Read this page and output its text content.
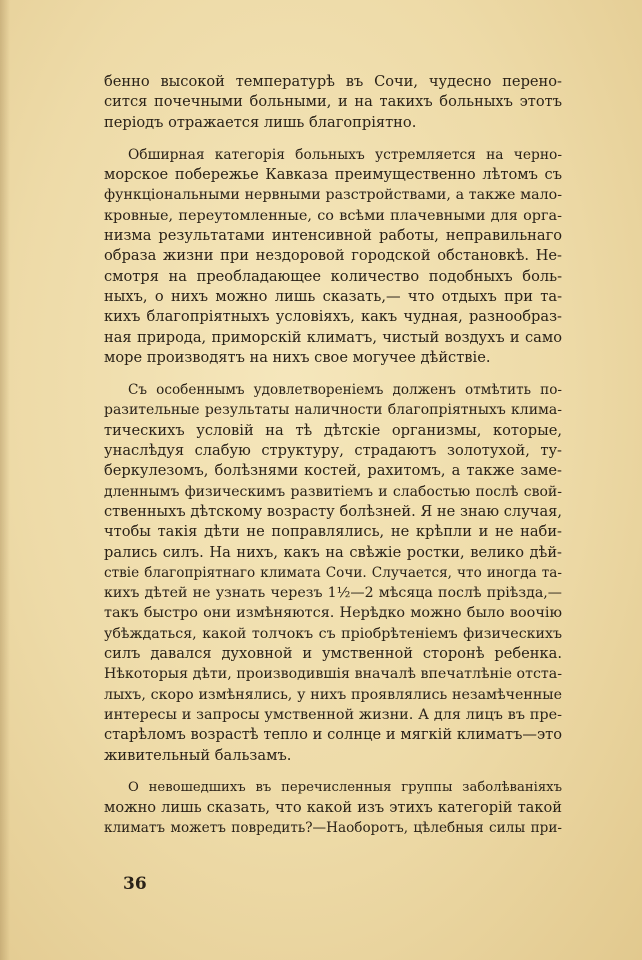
бенно высокой температурѣ въ Сочи, чудесно перено-
сится почечными больными, и на такихъ больныхъ этотъ
періодъ отражается лишь благопріятно.
Обширная категорія больныхъ устремляется на черно-
морское побережье Кавказа преимущественно лѣтомъ съ
функціональными нервными разстройствами, а также мало-
кровные, переутомленные, со всѣми плачевными для орга-
низма результатами интенсивной работы, неправильнаго
образа жизни при нездоровой городской обстановкѣ. Не-
смотря на преобладающее количество подобныхъ боль-
ныхъ, о нихъ можно лишь сказать,— что отдыхъ при та-
кихъ благопріятныхъ условіяхъ, какъ чудная, разнообраз-
ная природа, приморскій климатъ, чистый воздухъ и само
море производятъ на нихъ свое могучее дѣйствіе.
Съ особеннымъ удовлетвореніемъ долженъ отмѣтить по-
разительные результаты наличности благопріятныхъ клима-
тическихъ условій на тѣ дѣтскіе организмы, которые,
унаслѣдуя слабую структуру, страдаютъ золотухой, ту-
беркулезомъ, болѣзнями костей, рахитомъ, а также заме-
дленнымъ физическимъ развитіемъ и слабостью послѣ свой-
ственныхъ дѣтскому возрасту болѣзней. Я не знаю случая,
чтобы такія дѣти не поправлялись, не крѣпли и не наби-
рались силъ. На нихъ, какъ на свѣжіе ростки, велико дѣй-
ствіе благопріятнаго климата Сочи. Случается, что иногда та-
кихъ дѣтей не узнать черезъ 1½—2 мѣсяца послѣ пріѣзда,—
такъ быстро они измѣняются. Нерѣдко можно было воочію
убѣждаться, какой толчокъ съ пріобрѣтеніемъ физическихъ
силъ давался духовной и умственной сторонѣ ребенка.
Нѣкоторыя дѣти, производившія вначалѣ впечатлѣніе отста-
лыхъ, скоро измѣнялись, у нихъ проявлялись незамѣченные
интересы и запросы умственной жизни. А для лицъ въ пре-
старѣломъ возрастѣ тепло и солнце и мягкій климатъ—это
живительный бальзамъ.
О невошедшихъ въ перечисленныя группы заболѣваніяхъ
можно лишь сказать, что какой изъ этихъ категорій такой
климатъ можетъ повредить?—Наоборотъ, цѣлебныя силы при-
36
